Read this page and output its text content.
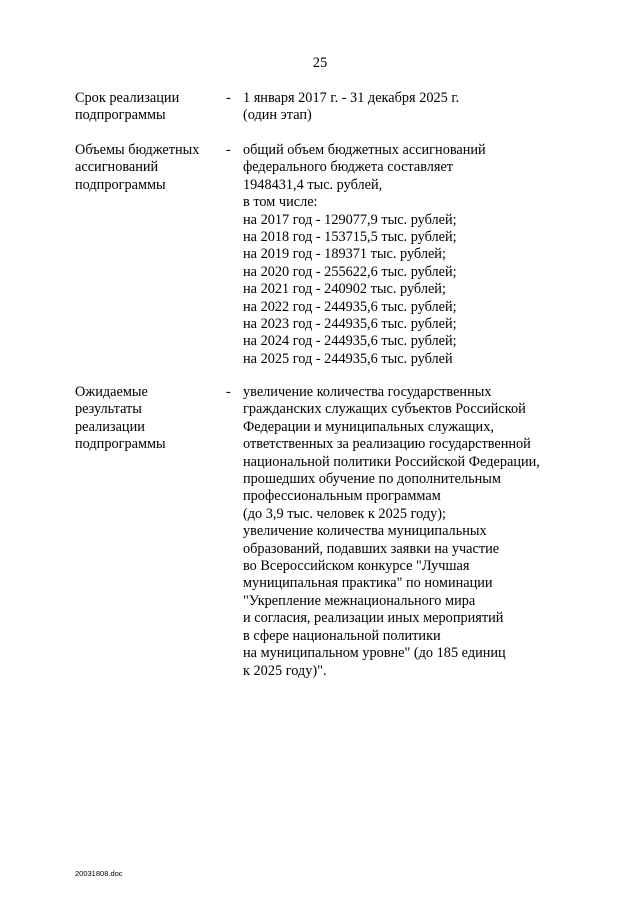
25
Срок реализации
подпрограммы
- 1 января 2017 г. - 31 декабря 2025 г.
(один этап)
Объемы бюджетных
ассигнований
подпрограммы
- общий объем бюджетных ассигнований
федерального бюджета составляет
1948431,4 тыс. рублей,
в том числе:
на 2017 год - 129077,9 тыс. рублей;
на 2018 год - 153715,5 тыс. рублей;
на 2019 год - 189371 тыс. рублей;
на 2020 год - 255622,6 тыс. рублей;
на 2021 год - 240902 тыс. рублей;
на 2022 год - 244935,6 тыс. рублей;
на 2023 год - 244935,6 тыс. рублей;
на 2024 год - 244935,6 тыс. рублей;
на 2025 год - 244935,6 тыс. рублей
Ожидаемые
результаты
реализации
подпрограммы
- увеличение количества государственных
гражданских служащих субъектов Российской
Федерации и муниципальных служащих,
ответственных за реализацию государственной
национальной политики Российской Федерации,
прошедших обучение по дополнительным
профессиональным программам
(до 3,9 тыс. человек к 2025 году);
увеличение количества муниципальных
образований, подавших заявки на участие
во Всероссийском конкурсе "Лучшая
муниципальная практика" по номинации
"Укрепление межнационального мира
и согласия, реализации иных мероприятий
в сфере национальной политики
на муниципальном уровне" (до 185 единиц
к 2025 году)".
20031808.doc
